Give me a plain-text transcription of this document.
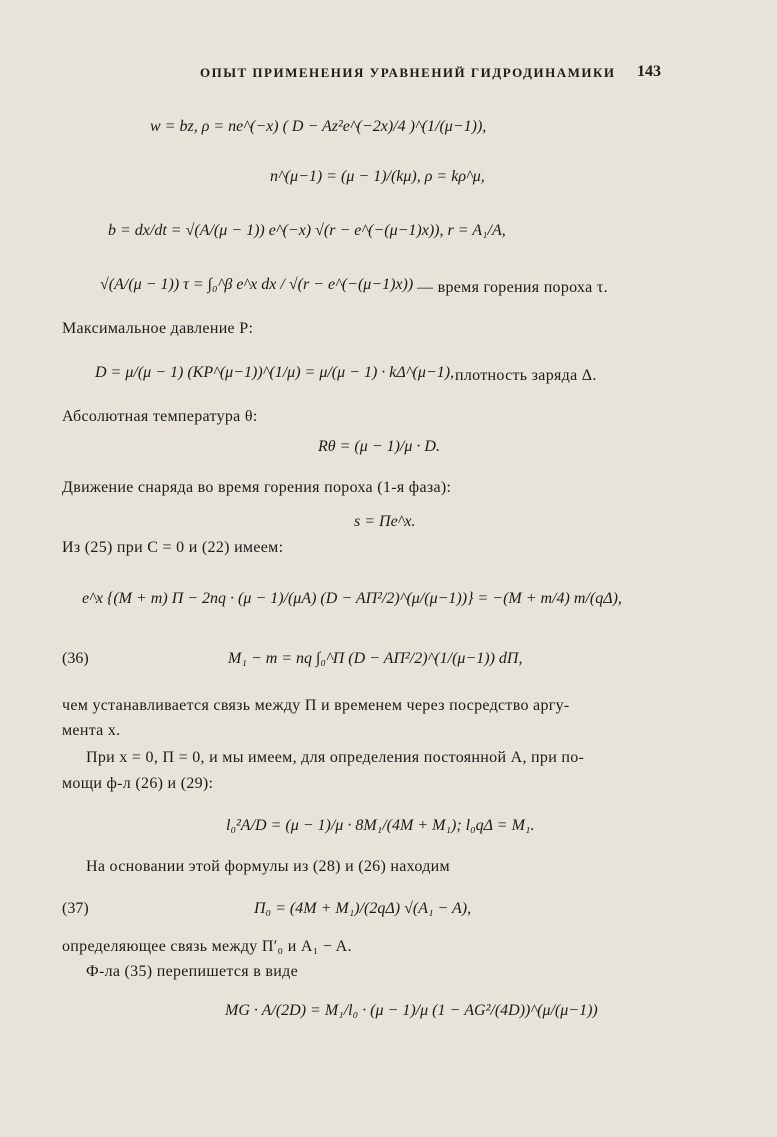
ОПЫТ ПРИМЕНЕНИЯ УРАВНЕНИЙ ГИДРОДИНАМИКИ 143
w = bz, ρ = ne^(−x) ( D − Az²e^(−2x)/4 )^(1/(μ−1)),
n^(μ−1) = (μ − 1)/(kμ), ρ = kρ^μ,
b = dx/dt = √(A/(μ − 1)) e^(−x) √(r − e^(−(μ−1)x)), r = A₁/A,
√(A/(μ − 1)) τ = ∫₀^β e^x dx / √(r − e^(−(μ−1)x)) — время горения пороха τ.
Максимальное давление P:
D = μ/(μ − 1) (KP^(μ−1))^(1/μ) = μ/(μ − 1) · kΔ^(μ−1), плотность заряда Δ.
Абсолютная температура θ:
Rθ = (μ − 1)/μ · D.
Движение снаряда во время горения пороха (1-я фаза):
s = Пe^x.
Из (25) при C = 0 и (22) имеем:
e^x {(M + m) П − 2nq · (μ − 1)/(μA) (D − AП²/2)^(μ/(μ−1))} = −(M + m/4) m/(qΔ),
(36)	M₁ − m = nq ∫₀^П (D − AП²/2)^(1/(μ−1)) dП,
чем устанавливается связь между П и временем через посредство аргу-
мента x.
При x = 0, П = 0, и мы имеем, для определения постоянной A, при по-
мощи ф-л (26) и (29):
l₀²A/D = (μ − 1)/μ · 8M₁/(4M + M₁); l₀qΔ = M₁.
На основании этой формулы из (28) и (26) находим
(37)	П₀ = (4M + M₁)/(2qΔ) √(A₁ − A),
определяющее связь между П′₀ и A₁ − A.
Ф-ла (35) перепишется в виде
MG · A/(2D) = M₁/l₀ · (μ − 1)/μ (1 − AG²/(4D))^(μ/(μ−1))
